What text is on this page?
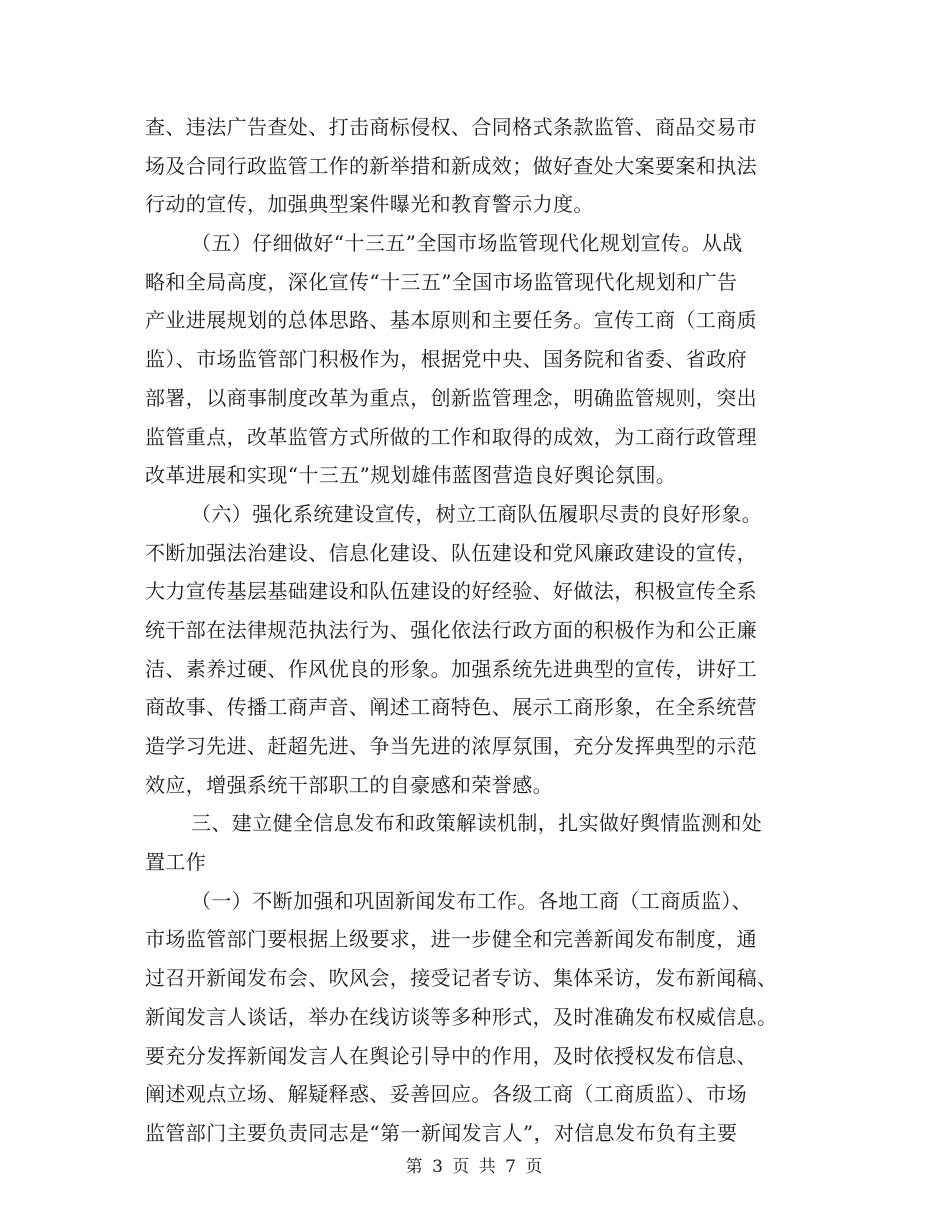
查、违法广告查处、打击商标侵权、合同格式条款监管、商品交易市
场及合同行政监管工作的新举措和新成效；做好查处大案要案和执法
行动的宣传，加强典型案件曝光和教育警示力度。
（五）仔细做好“十三五”全国市场监管现代化规划宣传。从战
略和全局高度，深化宣传“十三五”全国市场监管现代化规划和广告
产业进展规划的总体思路、基本原则和主要任务。宣传工商（工商质
监）、市场监管部门积极作为，根据党中央、国务院和省委、省政府
部署，以商事制度改革为重点，创新监管理念，明确监管规则，突出
监管重点，改革监管方式所做的工作和取得的成效，为工商行政管理
改革进展和实现“十三五”规划雄伟蓝图营造良好舆论氛围。
（六）强化系统建设宣传，树立工商队伍履职尽责的良好形象。
不断加强法治建设、信息化建设、队伍建设和党风廉政建设的宣传，
大力宣传基层基础建设和队伍建设的好经验、好做法，积极宣传全系
统干部在法律规范执法行为、强化依法行政方面的积极作为和公正廉
洁、素养过硬、作风优良的形象。加强系统先进典型的宣传，讲好工
商故事、传播工商声音、阐述工商特色、展示工商形象，在全系统营
造学习先进、赶超先进、争当先进的浓厚氛围，充分发挥典型的示范
效应，增强系统干部职工的自豪感和荣誉感。
三、建立健全信息发布和政策解读机制，扎实做好舆情监测和处
置工作
（一）不断加强和巩固新闻发布工作。各地工商（工商质监）、
市场监管部门要根据上级要求，进一步健全和完善新闻发布制度，通
过召开新闻发布会、吹风会，接受记者专访、集体采访，发布新闻稿、
新闻发言人谈话，举办在线访谈等多种形式，及时准确发布权威信息。
要充分发挥新闻发言人在舆论引导中的作用，及时依授权发布信息、
阐述观点立场、解疑释惑、妥善回应。各级工商（工商质监）、市场
监管部门主要负责同志是“第一新闻发言人”，对信息发布负有主要
第 3 页 共 7 页
